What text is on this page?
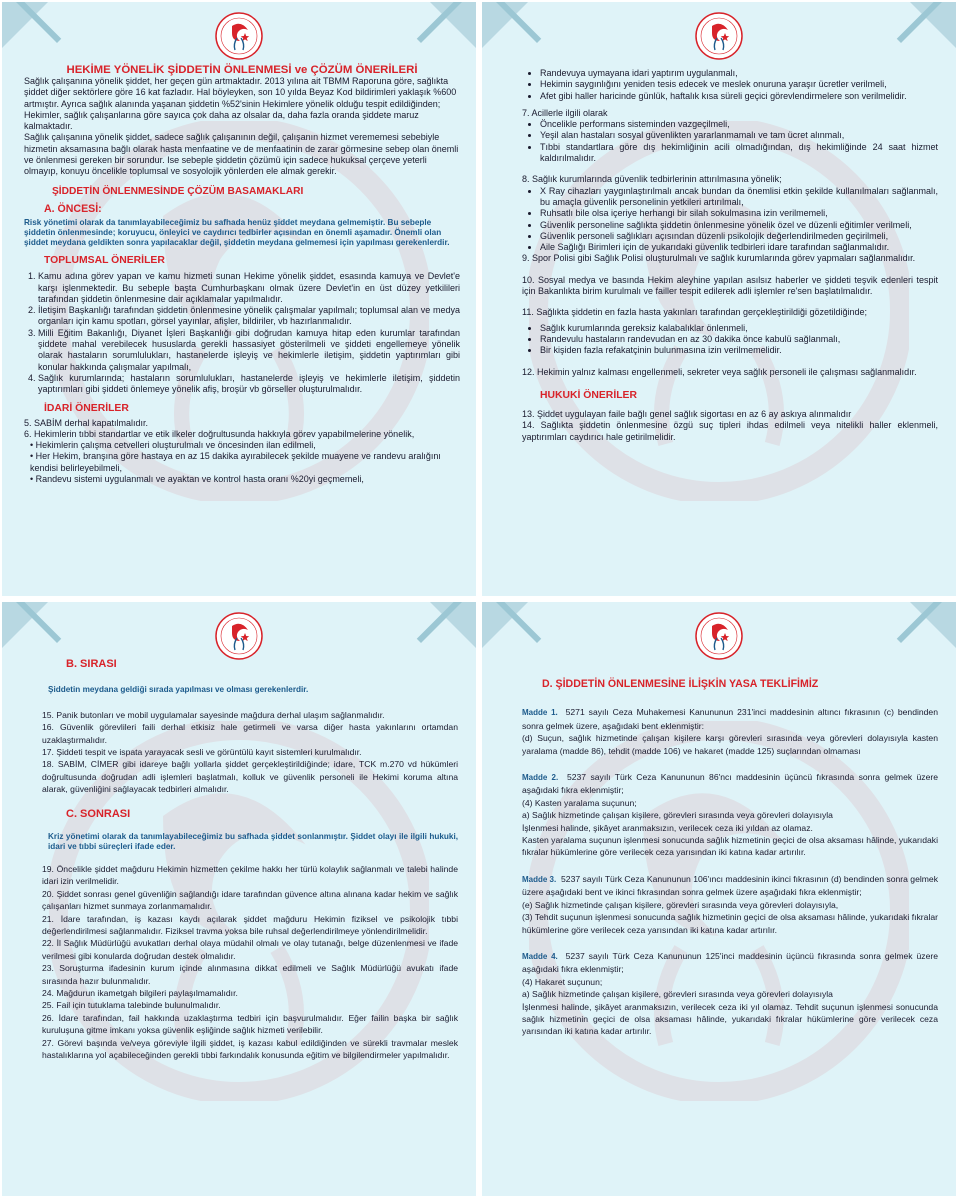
HEKİME YÖNELİK ŞİDDETİN ÖNLENMESİ ve ÇÖZÜM ÖNERİLERİ

Sağlık çalışanına yönelik şiddet, her geçen gün artmaktadır. 2013 yılına ait TBMM Raporuna göre, sağlıkta şiddet diğer sektörlere göre 16 kat fazladır. Hal böyleyken, son 10 yılda Beyaz Kod bildirimleri yaklaşık %600 artmıştır. Ayrıca sağlık alanında yaşanan şiddetin %52'sinin Hekimlere yönelik olduğu tespit edildiğinden; Hekimler, sağlık çalışanlarına göre sayıca çok daha az olsalar da, daha fazla oranda şiddete maruz kalmaktadır.

Sağlık çalışanına yönelik şiddet, sadece sağlık çalışanının değil, çalışanın hizmet verememesi sebebiyle hizmetin aksamasına bağlı olarak hasta menfaatine ve de menfaatinin de zarar görmesine sebep olan önemli ve önlenmesi gereken bir sorundur. Ise sebeple şiddetin çözümü için sadece hukuksal çerçeve yeterli olmayıp, konuyu öncelikle toplumsal ve sosyolojik yönlerden ele almak gerekir.

ŞİDDETİN ÖNLENMESİNDE ÇÖZÜM BASAMAKLARI

A. ÖNCESİ:

Risk yönetimi olarak da tanımlayabileceğimiz bu safhada henüz şiddet meydana gelmemiştir. Bu sebeple şiddetin önlenmesinde; koruyucu, önleyici ve caydırıcı tedbirler açısından en önemli aşamadır. Önemli olan şiddet meydana geldikten sonra yapılacaklar değil, şiddetin meydana gelmemesi için yapılması gerekenlerdir.

TOPLUMSAL ÖNERİLER

1. Kamu adına görev yapan ve kamu hizmeti sunan Hekime yönelik şiddet, esasında kamuya ve Devlet'e karşı işlenmektedir. Bu sebeple başta Cumhurbaşkanı olmak üzere Devlet'in en üst düzey yetkilileri tarafından şiddetin önlenmesine dair açıklamalar yapılmalıdır.
2. İletişim Başkanlığı tarafından şiddetin önlenmesine yönelik çalışmalar yapılmalı; toplumsal alan ve medya organları için kamu spotları, görsel yayınlar, afişler, bildiriler, vb hazırlanmalıdır.
3. Milli Eğitim Bakanlığı, Diyanet İşleri Başkanlığı gibi doğrudan kamuya hitap eden kurumlar tarafından şiddete mahal verebilecek hususlarda gerekli hassasiyet gösterilmeli ve şiddeti engellemeye yönelik olarak hastaların sorumlulukları, hastanelerde işleyiş ve hekimlerle iletişim, şiddetin yaptırımları gibi konular hakkında çalışmalar yapılmalı,
4. Sağlık kurumlarında; hastaların sorumlulukları, hastanelerde işleyiş ve hekimlerle iletişim, şiddetin yaptırımları gibi şiddeti önlemeye yönelik afiş, broşür vb görseller oluşturulmalıdır.

İDARİ ÖNERİLER

5. SABİM derhal kapatılmalıdır.

6. Hekimlerin tıbbi standartlar ve etik ilkeler doğrultusunda hakkıyla görev yapabilmelerine yönelik,

• Hekimlerin çalışma cetvelleri oluşturulmalı ve öncesinden ilan edilmeli,

• Her Hekim, branşına göre hastaya en az 15 dakika ayırabilecek şekilde muayene ve randevu aralığını kendisi belirleyebilmeli,

• Randevu sistemi uygulanmalı ve ayaktan ve kontrol hasta oranı %20yi geçmemeli,

• Randevuya uymayana idari yaptırım uygulanmalı,
• Hekimin saygınlığını yeniden tesis edecek ve meslek onuruna yaraşır ücretler verilmeli,
• Afet gibi haller haricinde günlük, haftalık kısa süreli geçici görevlendirmelere son verilmelidir.

7. Acillerle ilgili olarak

• Öncelikle performans sisteminden vazgeçilmeli,
• Yeşil alan hastaları sosyal güvenlikten yararlanmamalı ve tam ücret alınmalı,
• Tıbbi standartlara göre dış hekimliğinin acili olmadığından, dış hekimliğinde 24 saat hizmet kaldırılmalıdır.

8. Sağlık kurumlarında güvenlik tedbirlerinin attırılmasına yönelik;

• X Ray cihazları yaygınlaştırılmalı ancak bundan da önemlisi etkin şekilde kullanılmaları sağlanmalı, bu amaçla güvenlik personelinin yetkileri artırılmalı,
• Ruhsatlı bile olsa içeriye herhangi bir silah sokulmasına izin verilmemeli,
• Güvenlik personeline sağlıkta şiddetin önlenmesine yönelik özel ve düzenli eğitimler verilmeli,
• Güvenlik personeli sağlıkları açısından düzenli psikolojik değerlendirilmeden geçirilmeli,
• Aile Sağlığı Birimleri için de yukarıdaki güvenlik tedbirleri idare tarafından sağlanmalıdır.

9. Spor Polisi gibi Sağlık Polisi oluşturulmalı ve sağlık kurumlarında görev yapmaları sağlanmalıdır.

10. Sosyal medya ve basında Hekim aleyhine yapılan asılsız haberler ve şiddeti teşvik edenleri tespit için Bakanlıkta birim kurulmalı ve failler tespit edilerek adli işlemler re'sen başlatılmalıdır.

11. Sağlıkta şiddetin en fazla hasta yakınları tarafından gerçekleştirildiği gözetildiğinde;

• Sağlık kurumlarında gereksiz kalabalıklar önlenmeli,
• Randevulu hastaların randevudan en az 30 dakika önce kabulü sağlanmalı,
• Bir kişiden fazla refakatçinin bulunmasına izin verilmemelidir.

12. Hekimin yalnız kalması engellenmeli, sekreter veya sağlık personeli ile çalışması sağlanmalıdır.

HUKUKİ ÖNERİLER

13. Şiddet uygulayan faile bağlı genel sağlık sigortası en az 6 ay askıya alınmalıdır

14. Sağlıkta şiddetin önlenmesine özgü suç tipleri ihdas edilmeli veya nitelikli haller eklenmeli, yaptırımları caydırıcı hale getirilmelidir.

B. SIRASI

Şiddetin meydana geldiği sırada yapılması ve olması gerekenlerdir.

15. Panik butonları ve mobil uygulamalar sayesinde mağdura derhal ulaşım sağlanmalıdır.

16. Güvenlik görevlileri faili derhal etkisiz hale getirmeli ve varsa diğer hasta yakınlarını ortamdan uzaklaştırmalıdır.

17. Şiddeti tespit ve ispata yarayacak sesli ve görüntülü kayıt sistemleri kurulmalıdır.

18. SABİM, CİMER gibi idareye bağlı yollarla şiddet gerçekleştirildiğinde; idare, TCK m.270 vd hükümleri doğrultusunda doğrudan adli işlemleri başlatmalı, kolluk ve güvenlik personeli ile Hekimi koruma altına alarak, güvenliğini sağlayacak tedbirleri almalıdır.

C. SONRASI

Kriz yönetimi olarak da tanımlayabileceğimiz bu safhada şiddet sonlanmıştır. Şiddet olayı ile ilgili hukuki, idari ve tıbbi süreçleri ifade eder.

19. Öncelikle şiddet mağduru Hekimin hizmetten çekilme hakkı her türlü kolaylık sağlanmalı ve talebi halinde idari izin verilmelidir.

20. Şiddet sonrası genel güvenliğin sağlandığı idare tarafından güvence altına alınana kadar hekim ve sağlık çalışanları hizmet sunmaya zorlanmamalıdır.

21. İdare tarafından, iş kazası kaydı açılarak şiddet mağduru Hekimin fiziksel ve psikolojik tıbbi değerlendirilmesi sağlanmalıdır. Fiziksel travma yoksa bile ruhsal değerlendirilmeye yönlendirilmelidir.

22. İl Sağlık Müdürlüğü avukatları derhal olaya müdahil olmalı ve olay tutanağı, belge düzenlenmesi ve ifade verilmesi gibi konularda doğrudan destek olmalıdır.

23. Soruşturma ifadesinin kurum içinde alınmasına dikkat edilmeli ve Sağlık Müdürlüğü avukatı ifade sırasında hazır bulunmalıdır.

24. Mağdurun ikametgah bilgileri paylaşılmamalıdır.

25. Fail için tutuklama talebinde bulunulmalıdır.

26. İdare tarafından, fail hakkında uzaklaştırma tedbiri için başvurulmalıdır. Eğer failin başka bir sağlık kuruluşuna gitme imkanı yoksa güvenlik eşliğinde sağlık hizmeti verilebilir.

27. Görevi başında ve/veya göreviyle ilgili şiddet, iş kazası kabul edildiğinden ve sürekli travmalar meslek hastalıklarına yol açabileceğinden gerekli tıbbi farkındalık konusunda eğitim ve bilgilendirmeler yapılmalıdır.

D. ŞİDDETİN ÖNLENMESİNE İLİŞKİN YASA TEKLİFİMİZ

Madde 1. 5271 sayılı Ceza Muhakemesi Kanununun 231'inci maddesinin altıncı fıkrasının (c) bendinden sonra gelmek üzere, aşağıdaki bent eklenmiştir:

(d) Suçun, sağlık hizmetinde çalışan kişilere karşı görevleri sırasında veya görevleri dolayısıyla kasten yaralama (madde 86), tehdit (madde 106) ve hakaret (madde 125) suçlarından olmaması

Madde 2. 5237 sayılı Türk Ceza Kanununun 86'ncı maddesinin üçüncü fıkrasında sonra gelmek üzere aşağıdaki fıkra eklenmiştir;

(4) Kasten yaralama suçunun;

a) Sağlık hizmetinde çalışan kişilere, görevleri sırasında veya görevleri dolayısıyla

İşlenmesi halinde, şikâyet aranmaksızın, verilecek ceza iki yıldan az olamaz.

Kasten yaralama suçunun işlenmesi sonucunda sağlık hizmetinin geçici de olsa aksaması hâlinde, yukarıdaki fıkralar hükümlerine göre verilecek ceza yarısından iki katına kadar artırılır.

Madde 3. 5237 sayılı Türk Ceza Kanununun 106'ıncı maddesinin ikinci fıkrasının (d) bendinden sonra gelmek üzere aşağıdaki bent ve ikinci fıkrasından sonra gelmek üzere aşağıdaki fıkra eklenmiştir;

(e) Sağlık hizmetinde çalışan kişilere, görevleri sırasında veya görevleri dolayısıyla,

(3) Tehdit suçunun işlenmesi sonucunda sağlık hizmetinin geçici de olsa aksaması hâlinde, yukarıdaki fıkralar hükümlerine göre verilecek ceza yarısından iki katına kadar artırılır.

Madde 4. 5237 sayılı Türk Ceza Kanununun 125'inci maddesinin üçüncü fıkrasında sonra gelmek üzere aşağıdaki fıkra eklenmiştir;

(4) Hakaret suçunun;

a) Sağlık hizmetinde çalışan kişilere, görevleri sırasında veya görevleri dolayısıyla

İşlenmesi halinde, şikâyet aranmaksızın, verilecek ceza iki yıl olamaz. Tehdit suçunun işlenmesi sonucunda sağlık hizmetinin geçici de olsa aksaması hâlinde, yukarıdaki fıkralar hükümlerine göre verilecek ceza yarısından iki katına kadar artırılır.
